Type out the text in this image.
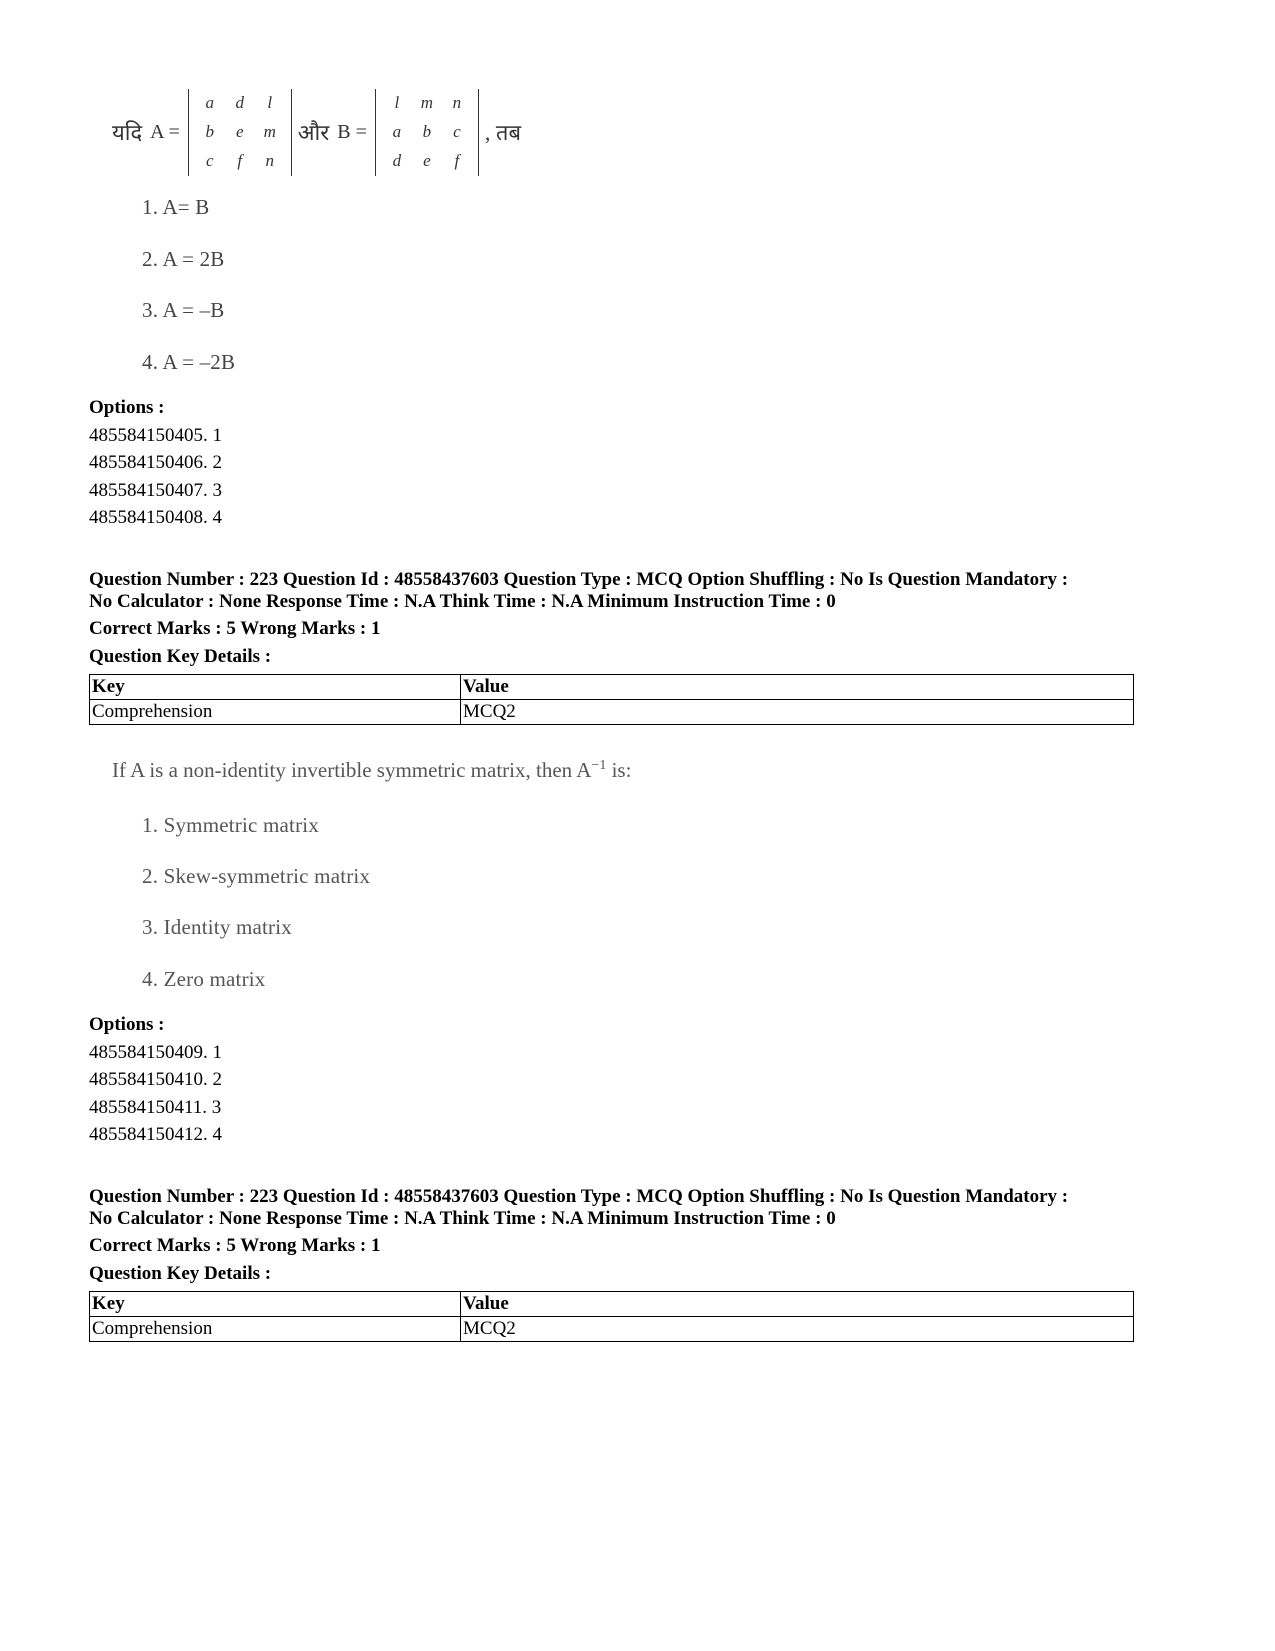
यदि A =
a d l
b e m
c f n
और B =
l m n
a b c
d e f
, तब
1. A= B
2. A = 2B
3. A = –B
4. A = –2B
Options :
485584150405. 1
485584150406. 2
485584150407. 3
485584150408. 4
Question Number : 223 Question Id : 48558437603 Question Type : MCQ Option Shuffling : No Is Question Mandatory :
No Calculator : None Response Time : N.A Think Time : N.A Minimum Instruction Time : 0
Correct Marks : 5 Wrong Marks : 1
Question Key Details :
Key	Value
Comprehension	MCQ2
If A is a non-identity invertible symmetric matrix, then $A^{-1}$ is:
1. Symmetric matrix
2. Skew-symmetric matrix
3. Identity matrix
4. Zero matrix
Options :
485584150409. 1
485584150410. 2
485584150411. 3
485584150412. 4
Question Number : 223 Question Id : 48558437603 Question Type : MCQ Option Shuffling : No Is Question Mandatory :
No Calculator : None Response Time : N.A Think Time : N.A Minimum Instruction Time : 0
Correct Marks : 5 Wrong Marks : 1
Question Key Details :
Key	Value
Comprehension	MCQ2
